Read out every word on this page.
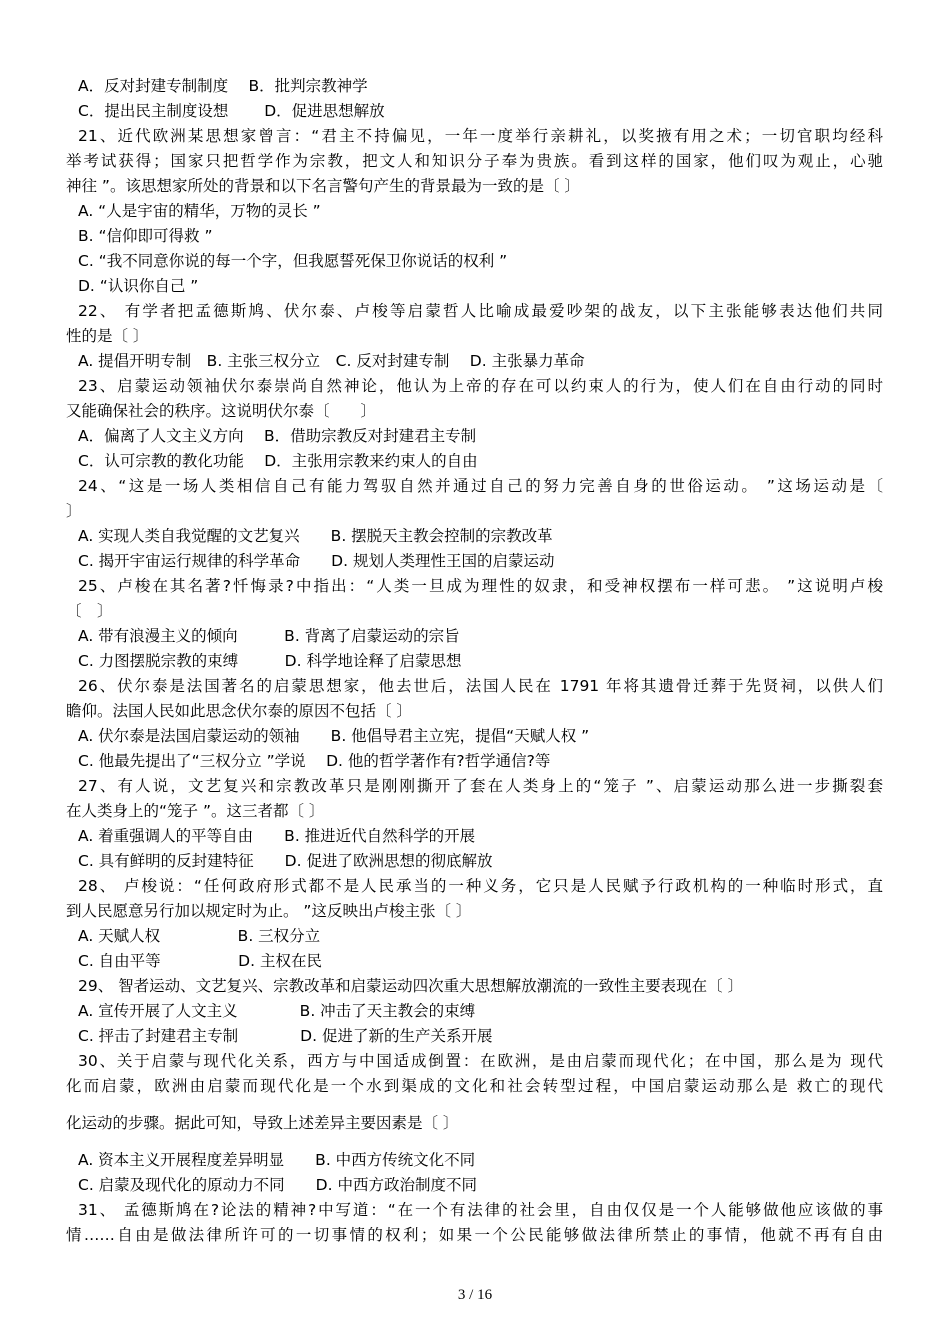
A．反对封建专制制度　 B．批判宗教神学
C．提出民主制度设想　　 D．促进思想解放
21、近代欧洲某思想家曾言：“君主不持偏见，一年一度举行亲耕礼，以奖掖有用之术；一切官职均经科
举考试获得；国家只把哲学作为宗教，把文人和知识分子奉为贵族。看到这样的国家，他们叹为观止，心驰
神往 ”。该思想家所处的背景和以下名言警句产生的背景最为一致的是〔 〕
A. “人是宇宙的精华，万物的灵长 ”
B. “信仰即可得救 ”
C. “我不同意你说的每一个字，但我愿誓死保卫你说话的权利 ”
D. “认识你自己 ”
22、 有学者把孟德斯鸠、伏尔泰、卢梭等启蒙哲人比喻成最爱吵架的战友，以下主张能够表达他们共同
性的是〔 〕
A. 提倡开明专制　B. 主张三权分立　C. 反对封建专制　 D. 主张暴力革命
23、启蒙运动领袖伏尔泰崇尚自然神论，他认为上帝的存在可以约束人的行为，使人们在自由行动的同时
又能确保社会的秩序。这说明伏尔泰〔　　〕
A．偏离了人文主义方向　 B．借助宗教反对封建君主专制
C．认可宗教的教化功能　 D．主张用宗教来约束人的自由
24、“这是一场人类相信自己有能力驾驭自然并通过自己的努力完善自身的世俗运动。 ”这场运动是〔
〕
A. 实现人类自我觉醒的文艺复兴　　B. 摆脱天主教会控制的宗教改革
C. 揭开宇宙运行规律的科学革命　　D. 规划人类理性王国的启蒙运动
25、卢梭在其名著?忏悔录?中指出：“人类一旦成为理性的奴隶，和受神权摆布一样可悲。 ”这说明卢梭
〔　〕
A. 带有浪漫主义的倾向　　　B. 背离了启蒙运动的宗旨
C. 力图摆脱宗教的束缚　　　D. 科学地诠释了启蒙思想
26、伏尔泰是法国著名的启蒙思想家，他去世后，法国人民在 1791 年将其遗骨迁葬于先贤祠，以供人们
瞻仰。法国人民如此思念伏尔泰的原因不包括〔 〕
A. 伏尔泰是法国启蒙运动的领袖　　B. 他倡导君主立宪，提倡“天赋人权 ”
C. 他最先提出了“三权分立 ”学说　 D. 他的哲学著作有?哲学通信?等
27、有人说，文艺复兴和宗教改革只是刚刚撕开了套在人类身上的“笼子 ”、启蒙运动那么进一步撕裂套
在人类身上的“笼子 ”。这三者都〔 〕
A. 着重强调人的平等自由　　B. 推进近代自然科学的开展
C. 具有鲜明的反封建特征　　D. 促进了欧洲思想的彻底解放
28、 卢梭说：“任何政府形式都不是人民承当的一种义务，它只是人民赋予行政机构的一种临时形式，直
到人民愿意另行加以规定时为止。 ”这反映出卢梭主张〔 〕
A. 天赋人权　　　　　B. 三权分立
C. 自由平等　　　　　D. 主权在民
29、 智者运动、文艺复兴、宗教改革和启蒙运动四次重大思想解放潮流的一致性主要表现在〔 〕
A. 宣传开展了人文主义　　　　B. 冲击了天主教会的束缚
C. 抨击了封建君主专制　　　　D. 促进了新的生产关系开展
30、关于启蒙与现代化关系，西方与中国适成倒置：在欧洲，是由启蒙而现代化；在中国，那么是为 现代
化而启蒙，欧洲由启蒙而现代化是一个水到渠成的文化和社会转型过程，中国启蒙运动那么是 救亡的现代
化运动的步骤。据此可知，导致上述差异主要因素是〔 〕
A. 资本主义开展程度差异明显　　B. 中西方传统文化不同
C. 启蒙及现代化的原动力不同　　D. 中西方政治制度不同
31、 孟德斯鸠在?论法的精神?中写道：“在一个有法律的社会里，自由仅仅是一个人能够做他应该做的事
情……自由是做法律所许可的一切事情的权利；如果一个公民能够做法律所禁止的事情，他就不再有自由
3 / 16
